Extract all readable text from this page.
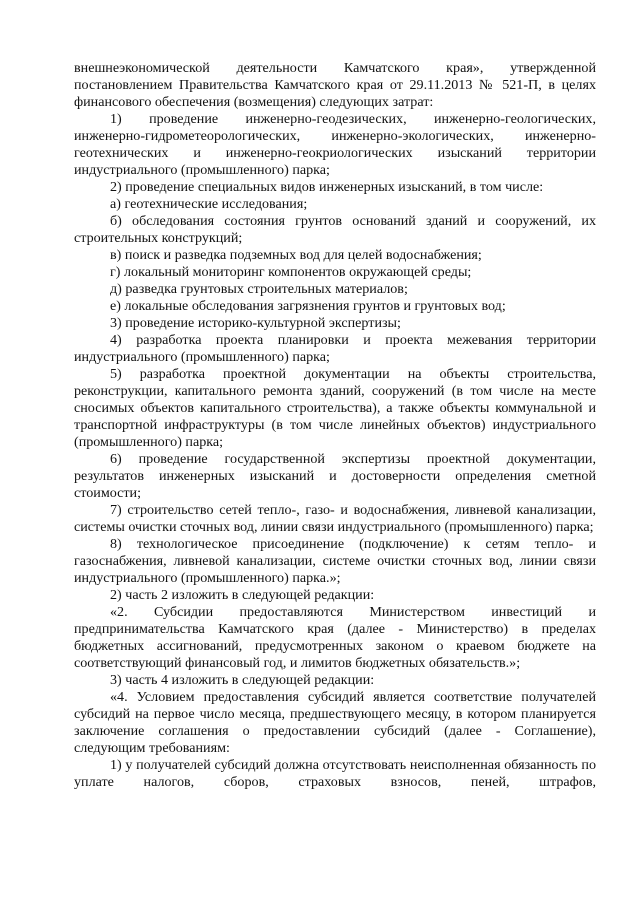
внешнеэкономической деятельности Камчатского края», утвержденной постановлением Правительства Камчатского края от 29.11.2013 № 521-П, в целях финансового обеспечения (возмещения) следующих затрат:

1) проведение инженерно-геодезических, инженерно-геологических, инженерно-гидрометеорологических, инженерно-экологических, инженерно-геотехнических и инженерно-геокриологических изысканий территории индустриального (промышленного) парка;

2) проведение специальных видов инженерных изысканий, в том числе:

а) геотехнические исследования;

б) обследования состояния грунтов оснований зданий и сооружений, их строительных конструкций;

в) поиск и разведка подземных вод для целей водоснабжения;

г) локальный мониторинг компонентов окружающей среды;

д) разведка грунтовых строительных материалов;

е) локальные обследования загрязнения грунтов и грунтовых вод;

3) проведение историко-культурной экспертизы;

4) разработка проекта планировки и проекта межевания территории индустриального (промышленного) парка;

5) разработка проектной документации на объекты строительства, реконструкции, капитального ремонта зданий, сооружений (в том числе на месте сносимых объектов капитального строительства), а также объекты коммунальной и транспортной инфраструктуры (в том числе линейных объектов) индустриального (промышленного) парка;

6) проведение государственной экспертизы проектной документации, результатов инженерных изысканий и достоверности определения сметной стоимости;

7) строительство сетей тепло-, газо- и водоснабжения, ливневой канализации, системы очистки сточных вод, линии связи индустриального (промышленного) парка;

8) технологическое присоединение (подключение) к сетям тепло- и газоснабжения, ливневой канализации, системе очистки сточных вод, линии связи индустриального (промышленного) парка.»;

2) часть 2 изложить в следующей редакции:

«2. Субсидии предоставляются Министерством инвестиций и предпринимательства Камчатского края (далее - Министерство) в пределах бюджетных ассигнований, предусмотренных законом о краевом бюджете на соответствующий финансовый год, и лимитов бюджетных обязательств.»;

3) часть 4 изложить в следующей редакции:

«4. Условием предоставления субсидий является соответствие получателей субсидий на первое число месяца, предшествующего месяцу, в котором планируется заключение соглашения о предоставлении субсидий (далее - Соглашение), следующим требованиям:

1) у получателей субсидий должна отсутствовать неисполненная обязанность по уплате налогов, сборов, страховых взносов, пеней, штрафов,
